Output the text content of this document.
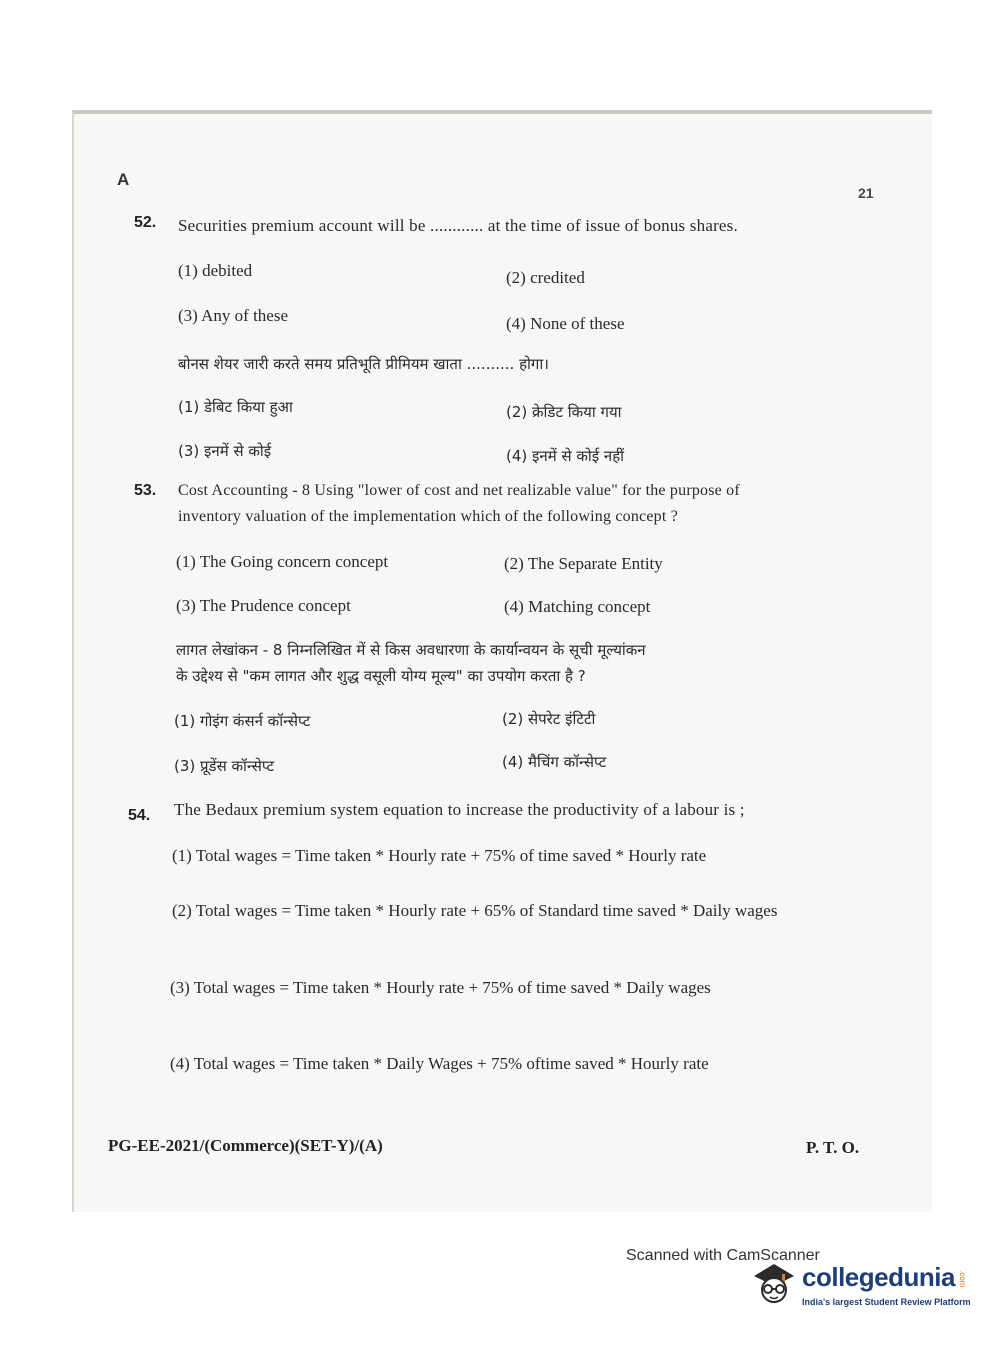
A
21
52. Securities premium account will be ............ at the time of issue of bonus shares.
(1) debited	(2) credited
(3) Any of these	(4) None of these
बोनस शेयर जारी करते समय प्रतिभूति प्रीमियम खाता .......... होगा।
(1) डेबिट किया हुआ	(2) क्रेडिट किया गया
(3) इनमें से कोई	(4) इनमें से कोई नहीं
53. Cost Accounting - 8 Using "lower of cost and net realizable value" for the purpose of
inventory valuation of the implementation which of the following concept ?
(1) The Going concern concept	(2) The Separate Entity
(3) The Prudence concept	(4) Matching concept
लागत लेखांकन - 8 निम्नलिखित में से किस अवधारणा के कार्यान्वयन के सूची मूल्यांकन
के उद्देश्य से "कम लागत और शुद्ध वसूली योग्य मूल्य" का उपयोग करता है ?
(1) गोइंग कंसर्न कॉन्सेप्ट	(2) सेपरेट इंटिटी
(3) प्रूडेंस कॉन्सेप्ट	(4) मैचिंग कॉन्सेप्ट
54. The Bedaux premium system equation to increase the productivity of a labour is ;
(1) Total wages = Time taken * Hourly rate + 75% of time saved * Hourly rate
(2) Total wages = Time taken * Hourly rate + 65% of Standard time saved * Daily wages
(3) Total wages = Time taken * Hourly rate + 75% of time saved * Daily wages
(4) Total wages = Time taken * Daily Wages + 75% oftime saved * Hourly rate
PG-EE-2021/(Commerce)(SET-Y)/(A)	P. T. O.
Scanned with CamScanner
collegedunia .com
India's largest Student Review Platform
